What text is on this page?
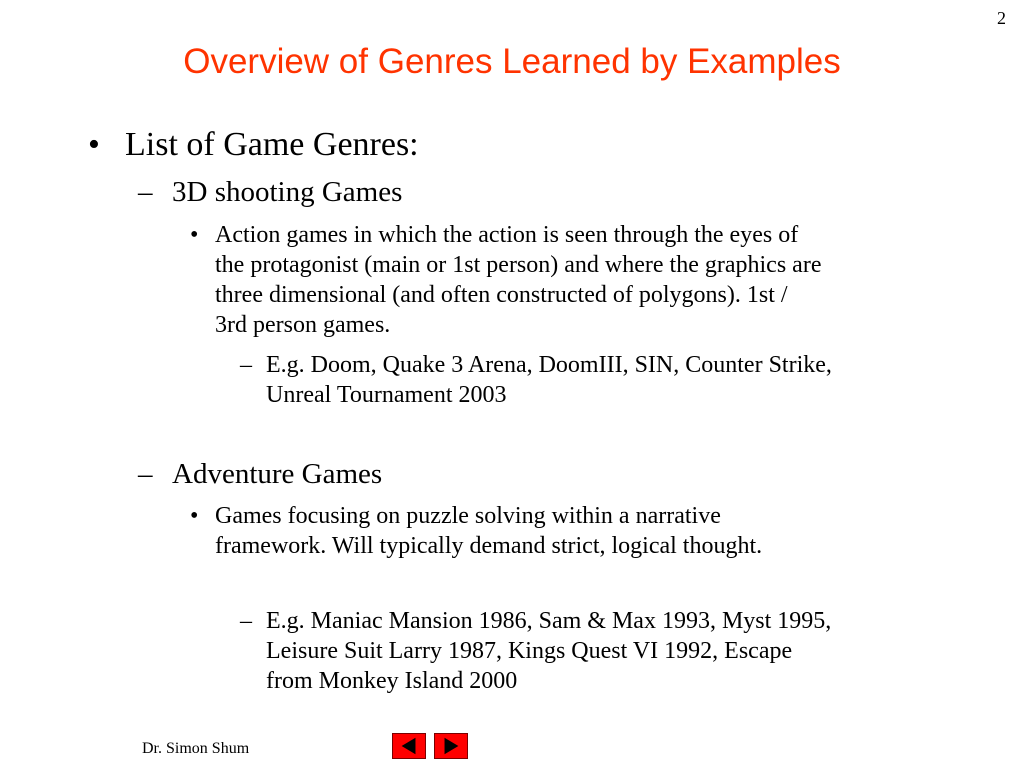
2
Overview of Genres Learned by Examples
• List of Game Genres:
– 3D shooting Games
• Action games in which the action is seen through the eyes of
the protagonist (main or 1st person) and where the graphics are
three dimensional (and often constructed of polygons). 1st /
3rd person games.
– E.g. Doom, Quake 3 Arena, DoomIII, SIN, Counter Strike,
Unreal Tournament 2003
– Adventure Games
• Games focusing on puzzle solving within a narrative
framework. Will typically demand strict, logical thought.
– E.g. Maniac Mansion 1986, Sam & Max 1993, Myst 1995,
Leisure Suit Larry 1987, Kings Quest VI 1992, Escape
from Monkey Island 2000
Dr. Simon Shum
